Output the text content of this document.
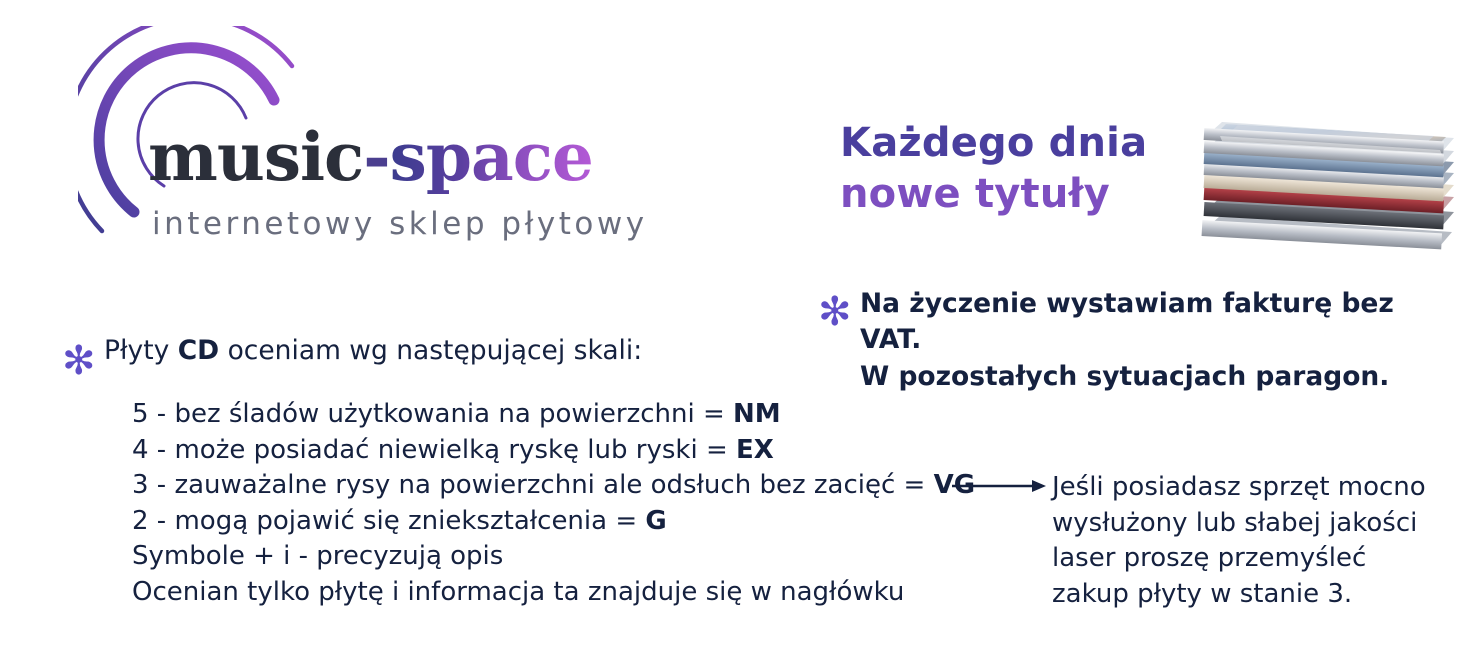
music-space
internetowy sklep płytowy
Każdego dnia
nowe tytuły
✻ Na życzenie wystawiam fakturę bez VAT.
W pozostałych sytuacjach paragon.
✻ Płyty CD oceniam wg następującej skali:
5 - bez śladów użytkowania na powierzchni = NM
4 - może posiadać niewielką ryskę lub ryski = EX
3 - zauważalne rysy na powierzchni ale odsłuch bez zacięć = VG
2 - mogą pojawić się zniekształcenia = G
Symbole + i - precyzują opis
Ocenian tylko płytę i informacja ta znajduje się w nagłówku
Jeśli posiadasz sprzęt mocno
wysłużony lub słabej jakości
laser proszę przemyśleć
zakup płyty w stanie 3.
